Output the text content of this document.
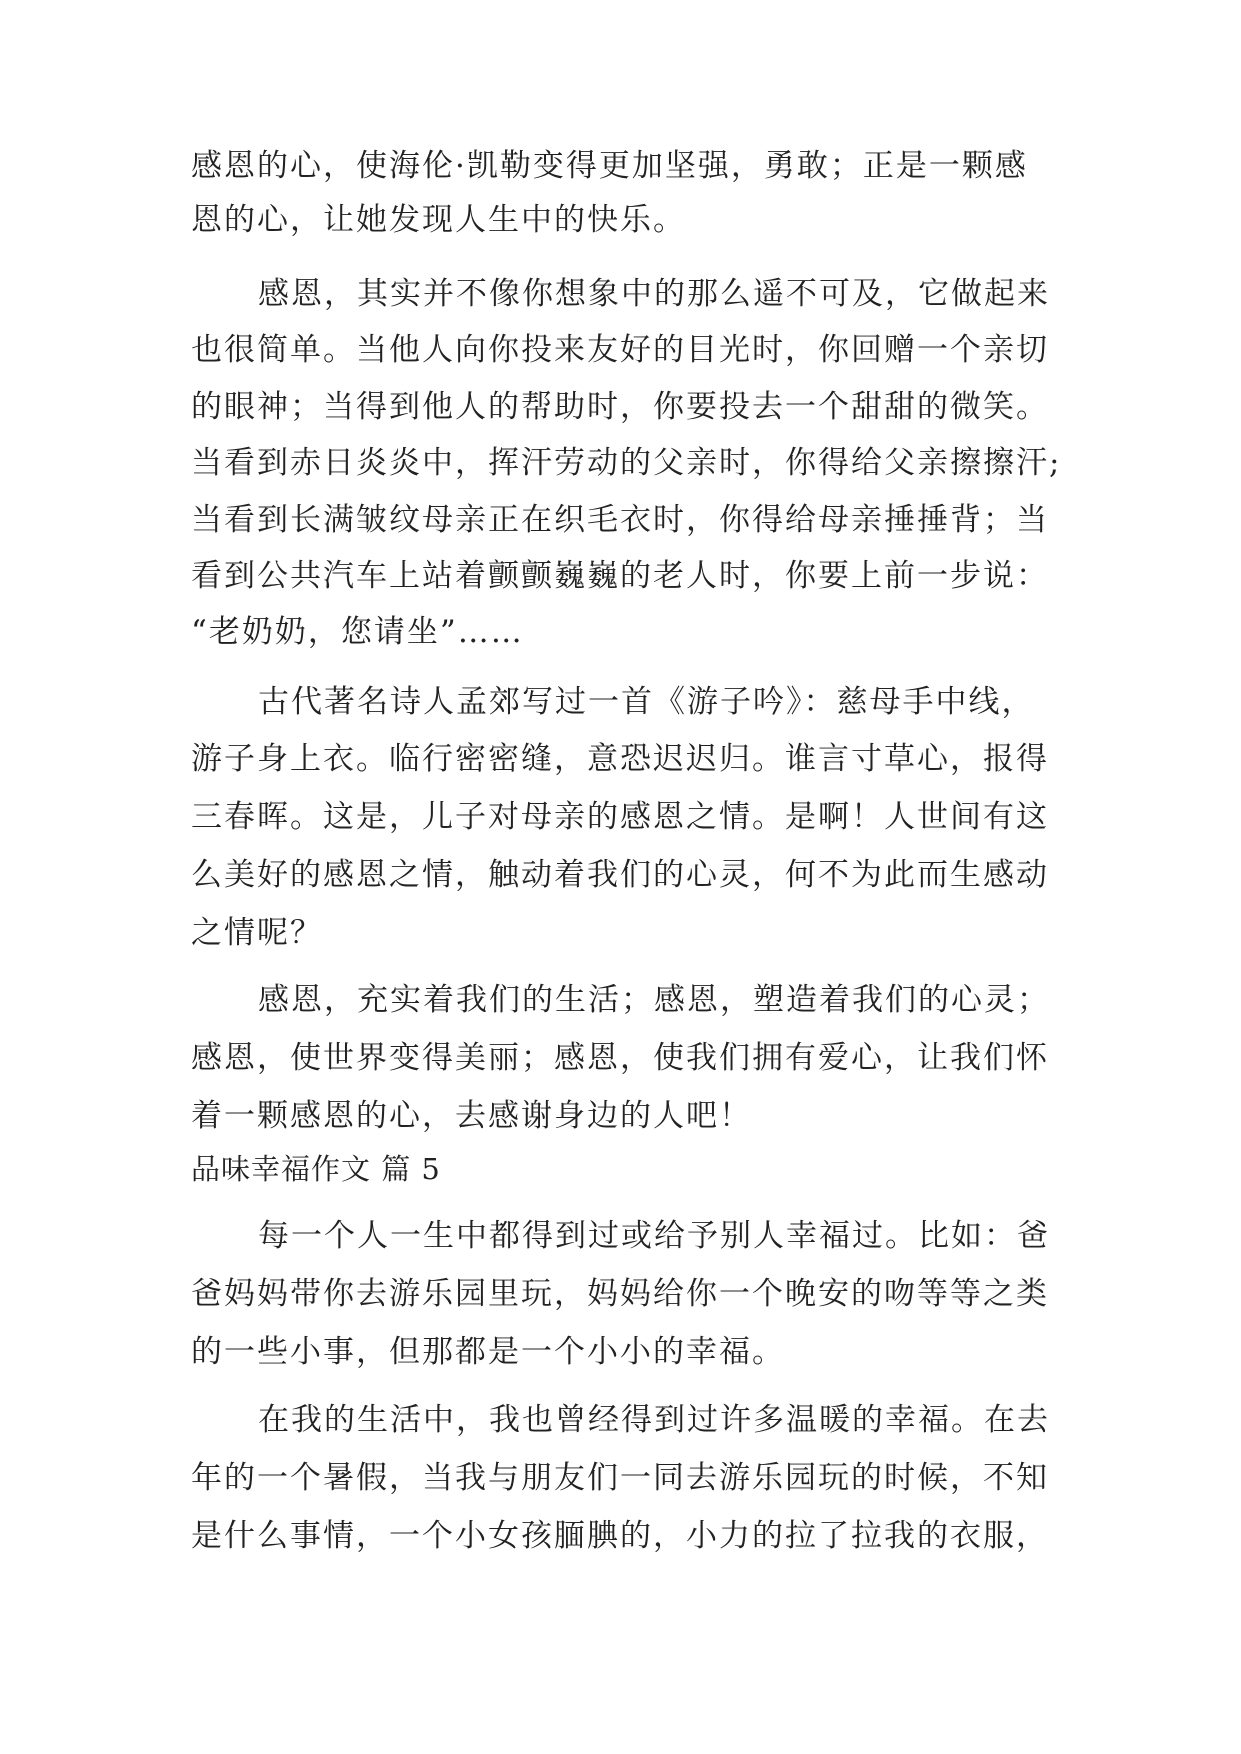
感恩的心，使海伦·凯勒变得更加坚强，勇敢；正是一颗感
恩的心，让她发现人生中的快乐。
感恩，其实并不像你想象中的那么遥不可及，它做起来
也很简单。当他人向你投来友好的目光时，你回赠一个亲切
的眼神；当得到他人的帮助时，你要投去一个甜甜的微笑。
当看到赤日炎炎中，挥汗劳动的父亲时，你得给父亲擦擦汗;
当看到长满皱纹母亲正在织毛衣时，你得给母亲捶捶背；当
看到公共汽车上站着颤颤巍巍的老人时，你要上前一步说：
“老奶奶，您请坐”……
古代著名诗人孟郊写过一首《游子吟》：慈母手中线，
游子身上衣。临行密密缝，意恐迟迟归。谁言寸草心，报得
三春晖。这是，儿子对母亲的感恩之情。是啊！人世间有这
么美好的感恩之情，触动着我们的心灵，何不为此而生感动
之情呢？
感恩，充实着我们的生活；感恩，塑造着我们的心灵；
感恩，使世界变得美丽；感恩，使我们拥有爱心，让我们怀
着一颗感恩的心，去感谢身边的人吧！
品味幸福作文 篇 5
每一个人一生中都得到过或给予别人幸福过。比如：爸
爸妈妈带你去游乐园里玩，妈妈给你一个晚安的吻等等之类
的一些小事，但那都是一个小小的幸福。
在我的生活中，我也曾经得到过许多温暖的幸福。在去
年的一个暑假，当我与朋友们一同去游乐园玩的时候，不知
是什么事情，一个小女孩腼腆的，小力的拉了拉我的衣服，
